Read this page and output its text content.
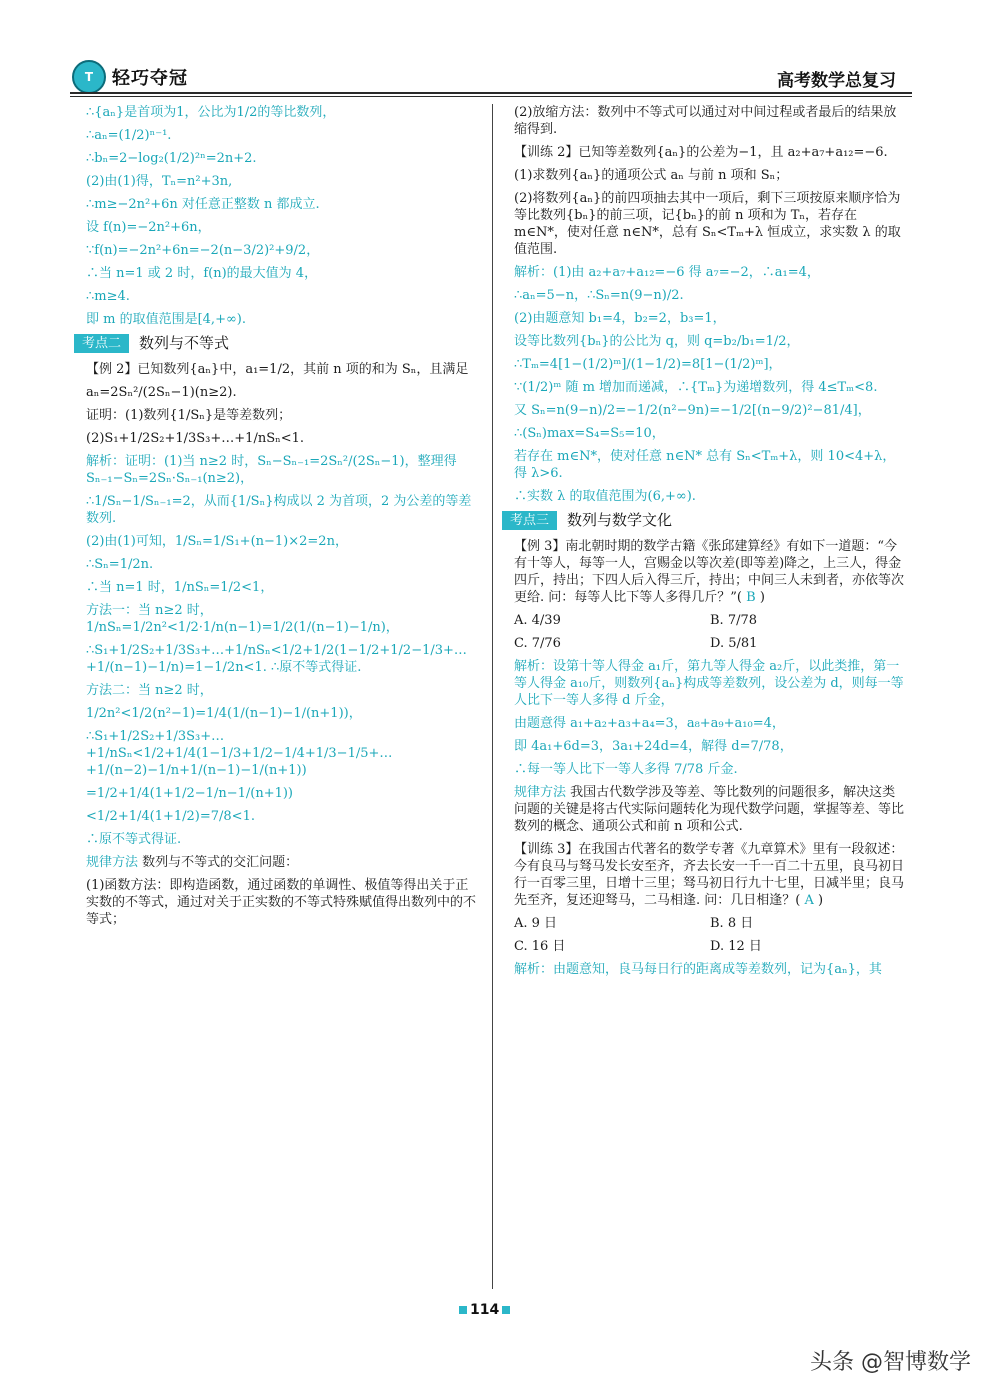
T	轻巧夺冠	高考数学总复习

∴{aₙ}是首项为1，公比为1/2的等比数列，

∴aₙ=(1/2)ⁿ⁻¹.

∴bₙ=2−log₂(1/2)²ⁿ=2n+2.

(2)由(1)得，Tₙ=n²+3n,

∴m≥−2n²+6n 对任意正整数 n 都成立.

设 f(n)=−2n²+6n，

∵f(n)=−2n²+6n=−2(n−3/2)²+9/2，

∴当 n=1 或 2 时，f(n)的最大值为 4，

∴m≥4.

即 m 的取值范围是[4,+∞).

考点二	数列与不等式

【例 2】已知数列{aₙ}中，a₁=1/2，其前 n 项的和为 Sₙ，且满足

aₙ=2Sₙ²/(2Sₙ−1)(n≥2).

证明：(1)数列{1/Sₙ}是等差数列；

(2)S₁+1/2S₂+1/3S₃+…+1/nSₙ<1.

解析：证明：(1)当 n≥2 时，Sₙ−Sₙ₋₁=2Sₙ²/(2Sₙ−1)，整理得 Sₙ₋₁−Sₙ=2Sₙ·Sₙ₋₁(n≥2)，

∴1/Sₙ−1/Sₙ₋₁=2，从而{1/Sₙ}构成以 2 为首项，2 为公差的等差数列.

(2)由(1)可知，1/Sₙ=1/S₁+(n−1)×2=2n，

∴Sₙ=1/2n.

∴当 n=1 时，1/nSₙ=1/2<1，

方法一：当 n≥2 时，1/nSₙ=1/2n²<1/2·1/n(n−1)=1/2(1/(n−1)−1/n)，

∴S₁+1/2S₂+1/3S₃+…+1/nSₙ<1/2+1/2(1−1/2+1/2−1/3+…+1/(n−1)−1/n)=1−1/2n<1. ∴原不等式得证.

方法二：当 n≥2 时，

1/2n²<1/2(n²−1)=1/4(1/(n−1)−1/(n+1))，

∴S₁+1/2S₂+1/3S₃+…+1/nSₙ<1/2+1/4(1−1/3+1/2−1/4+1/3−1/5+…+1/(n−2)−1/n+1/(n−1)−1/(n+1))

=1/2+1/4(1+1/2−1/n−1/(n+1))

<1/2+1/4(1+1/2)=7/8<1.

∴原不等式得证.

规律方法 数列与不等式的交汇问题：

(1)函数方法：即构造函数，通过函数的单调性、极值等得出关于正实数的不等式，通过对关于正实数的不等式特殊赋值得出数列中的不等式；

(2)放缩方法：数列中不等式可以通过对中间过程或者最后的结果放缩得到.

【训练 2】已知等差数列{aₙ}的公差为−1，且 a₂+a₇+a₁₂=−6.

(1)求数列{aₙ}的通项公式 aₙ 与前 n 项和 Sₙ；

(2)将数列{aₙ}的前四项抽去其中一项后，剩下三项按原来顺序恰为等比数列{bₙ}的前三项，记{bₙ}的前 n 项和为 Tₙ，若存在 m∈N*，使对任意 n∈N*，总有 Sₙ<Tₘ+λ 恒成立，求实数 λ 的取值范围.

解析：(1)由 a₂+a₇+a₁₂=−6 得 a₇=−2，∴a₁=4，

∴aₙ=5−n，∴Sₙ=n(9−n)/2.

(2)由题意知 b₁=4，b₂=2，b₃=1，

设等比数列{bₙ}的公比为 q，则 q=b₂/b₁=1/2，

∴Tₘ=4[1−(1/2)ᵐ]/(1−1/2)=8[1−(1/2)ᵐ]，

∵(1/2)ᵐ 随 m 增加而递减，∴{Tₘ}为递增数列，得 4≤Tₘ<8.

又 Sₙ=n(9−n)/2=−1/2(n²−9n)=−1/2[(n−9/2)²−81/4]，

∴(Sₙ)max=S₄=S₅=10，

若存在 m∈N*，使对任意 n∈N* 总有 Sₙ<Tₘ+λ，则 10<4+λ，得 λ>6.

∴实数 λ 的取值范围为(6,+∞).

考点三	数列与数学文化

【例 3】南北朝时期的数学古籍《张邱建算经》有如下一道题：“今有十等人，每等一人，宫赐金以等次差(即等差)降之，上三人，得金四斤，持出；下四人后入得三斤，持出；中间三人未到者，亦依等次更给. 问：每等人比下等人多得几斤？”( B )

A. 4/39	B. 7/78
C. 7/76	D. 5/81

解析：设第十等人得金 a₁斤，第九等人得金 a₂斤，以此类推，第一等人得金 a₁₀斤，则数列{aₙ}构成等差数列，设公差为 d，则每一等人比下一等人多得 d 斤金，

由题意得 a₁+a₂+a₃+a₄=3，a₈+a₉+a₁₀=4，

即 4a₁+6d=3，3a₁+24d=4，解得 d=7/78，

∴每一等人比下一等人多得 7/78 斤金.

规律方法 我国古代数学涉及等差、等比数列的问题很多，解决这类问题的关键是将古代实际问题转化为现代数学问题，掌握等差、等比数列的概念、通项公式和前 n 项和公式.

【训练 3】在我国古代著名的数学专著《九章算术》里有一段叙述：今有良马与驽马发长安至齐，齐去长安一千一百二十五里，良马初日行一百零三里，日增十三里；驽马初日行九十七里，日减半里；良马先至齐，复还迎驽马，二马相逢. 问：几日相逢？( A )

A. 9 日	B. 8 日
C. 16 日	D. 12 日

解析：由题意知，良马每日行的距离成等差数列，记为{aₙ}，其

114
头条 @智博数学
